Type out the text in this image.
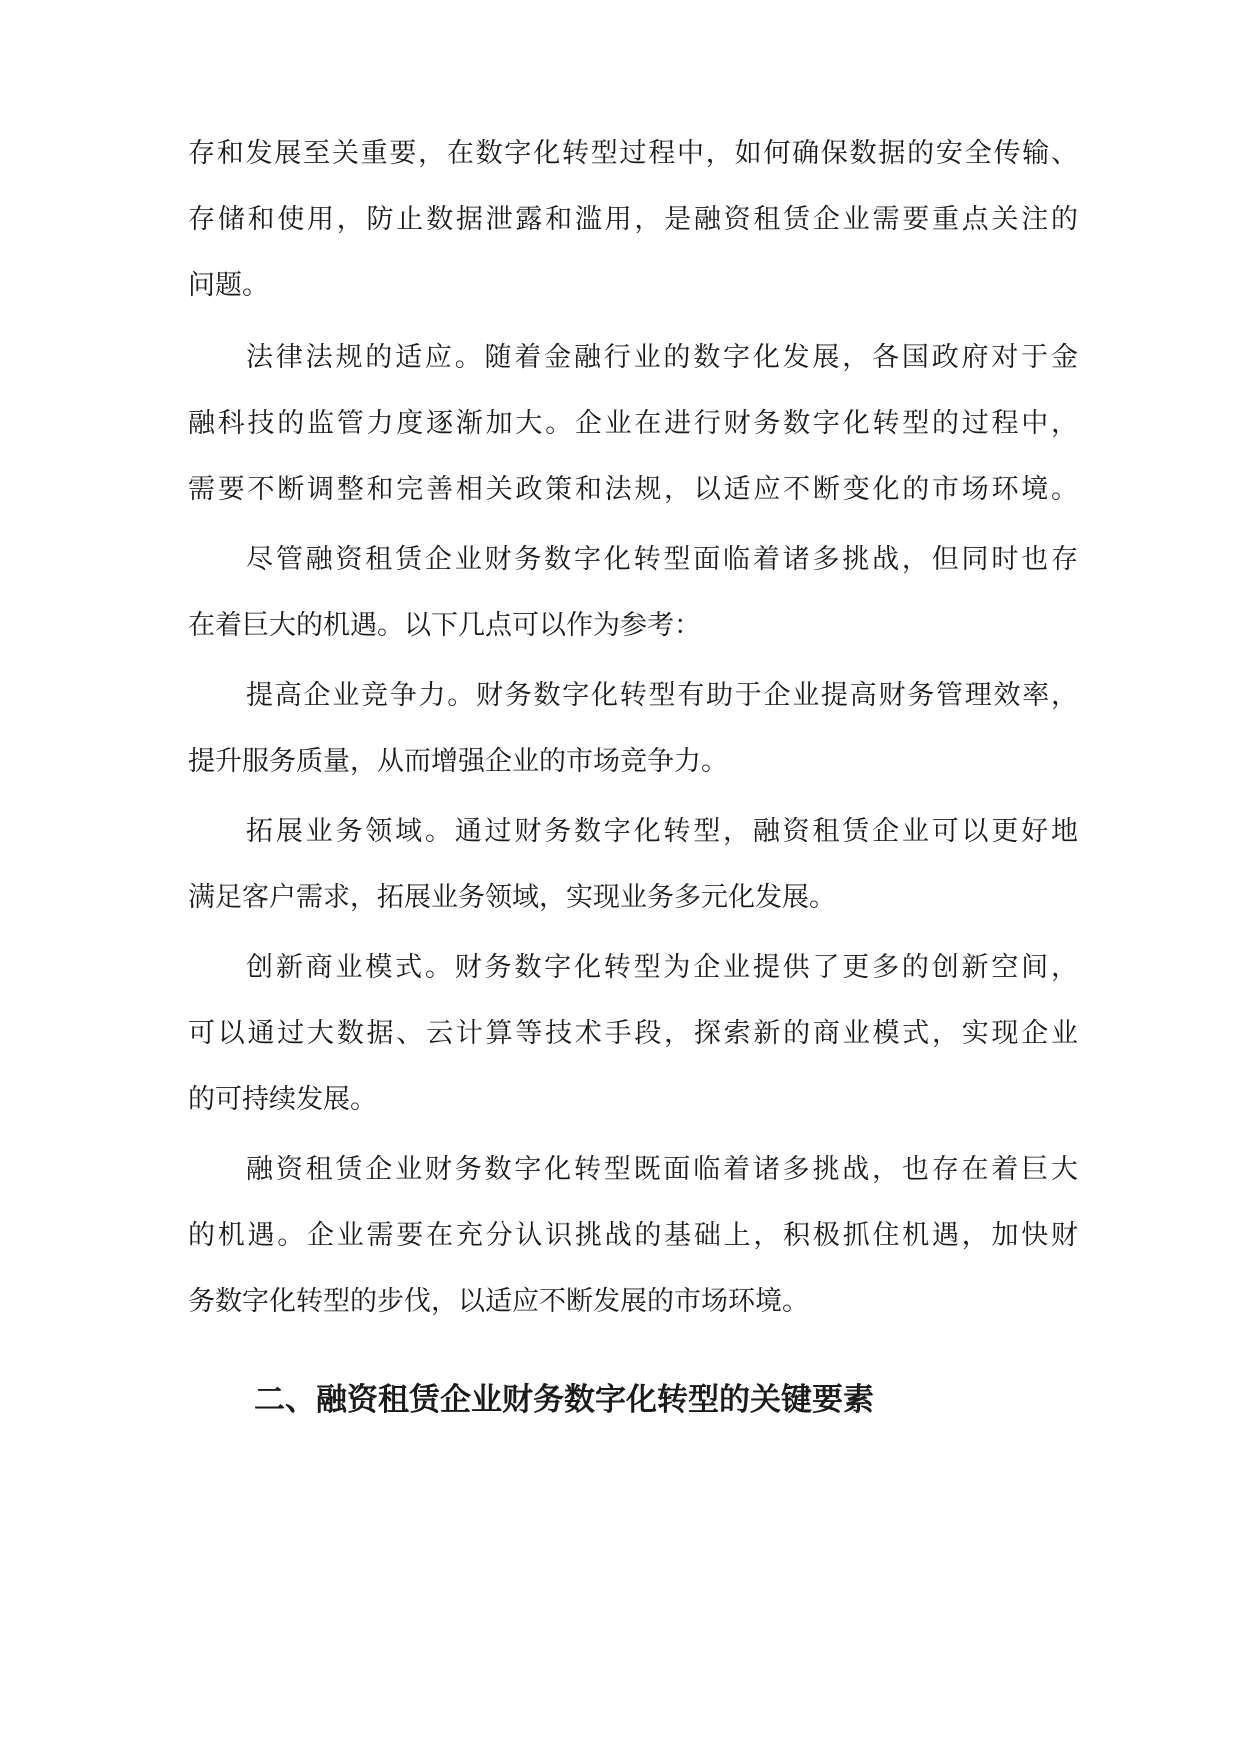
存和发展至关重要，在数字化转型过程中，如何确保数据的安全传输、
存储和使用，防止数据泄露和滥用，是融资租赁企业需要重点关注的
问题。
法律法规的适应。随着金融行业的数字化发展，各国政府对于金
融科技的监管力度逐渐加大。企业在进行财务数字化转型的过程中，
需要不断调整和完善相关政策和法规，以适应不断变化的市场环境。
尽管融资租赁企业财务数字化转型面临着诸多挑战，但同时也存
在着巨大的机遇。以下几点可以作为参考：
提高企业竞争力。财务数字化转型有助于企业提高财务管理效率，
提升服务质量，从而增强企业的市场竞争力。
拓展业务领域。通过财务数字化转型，融资租赁企业可以更好地
满足客户需求，拓展业务领域，实现业务多元化发展。
创新商业模式。财务数字化转型为企业提供了更多的创新空间，
可以通过大数据、云计算等技术手段，探索新的商业模式，实现企业
的可持续发展。
融资租赁企业财务数字化转型既面临着诸多挑战，也存在着巨大
的机遇。企业需要在充分认识挑战的基础上，积极抓住机遇，加快财
务数字化转型的步伐，以适应不断发展的市场环境。
二、融资租赁企业财务数字化转型的关键要素
